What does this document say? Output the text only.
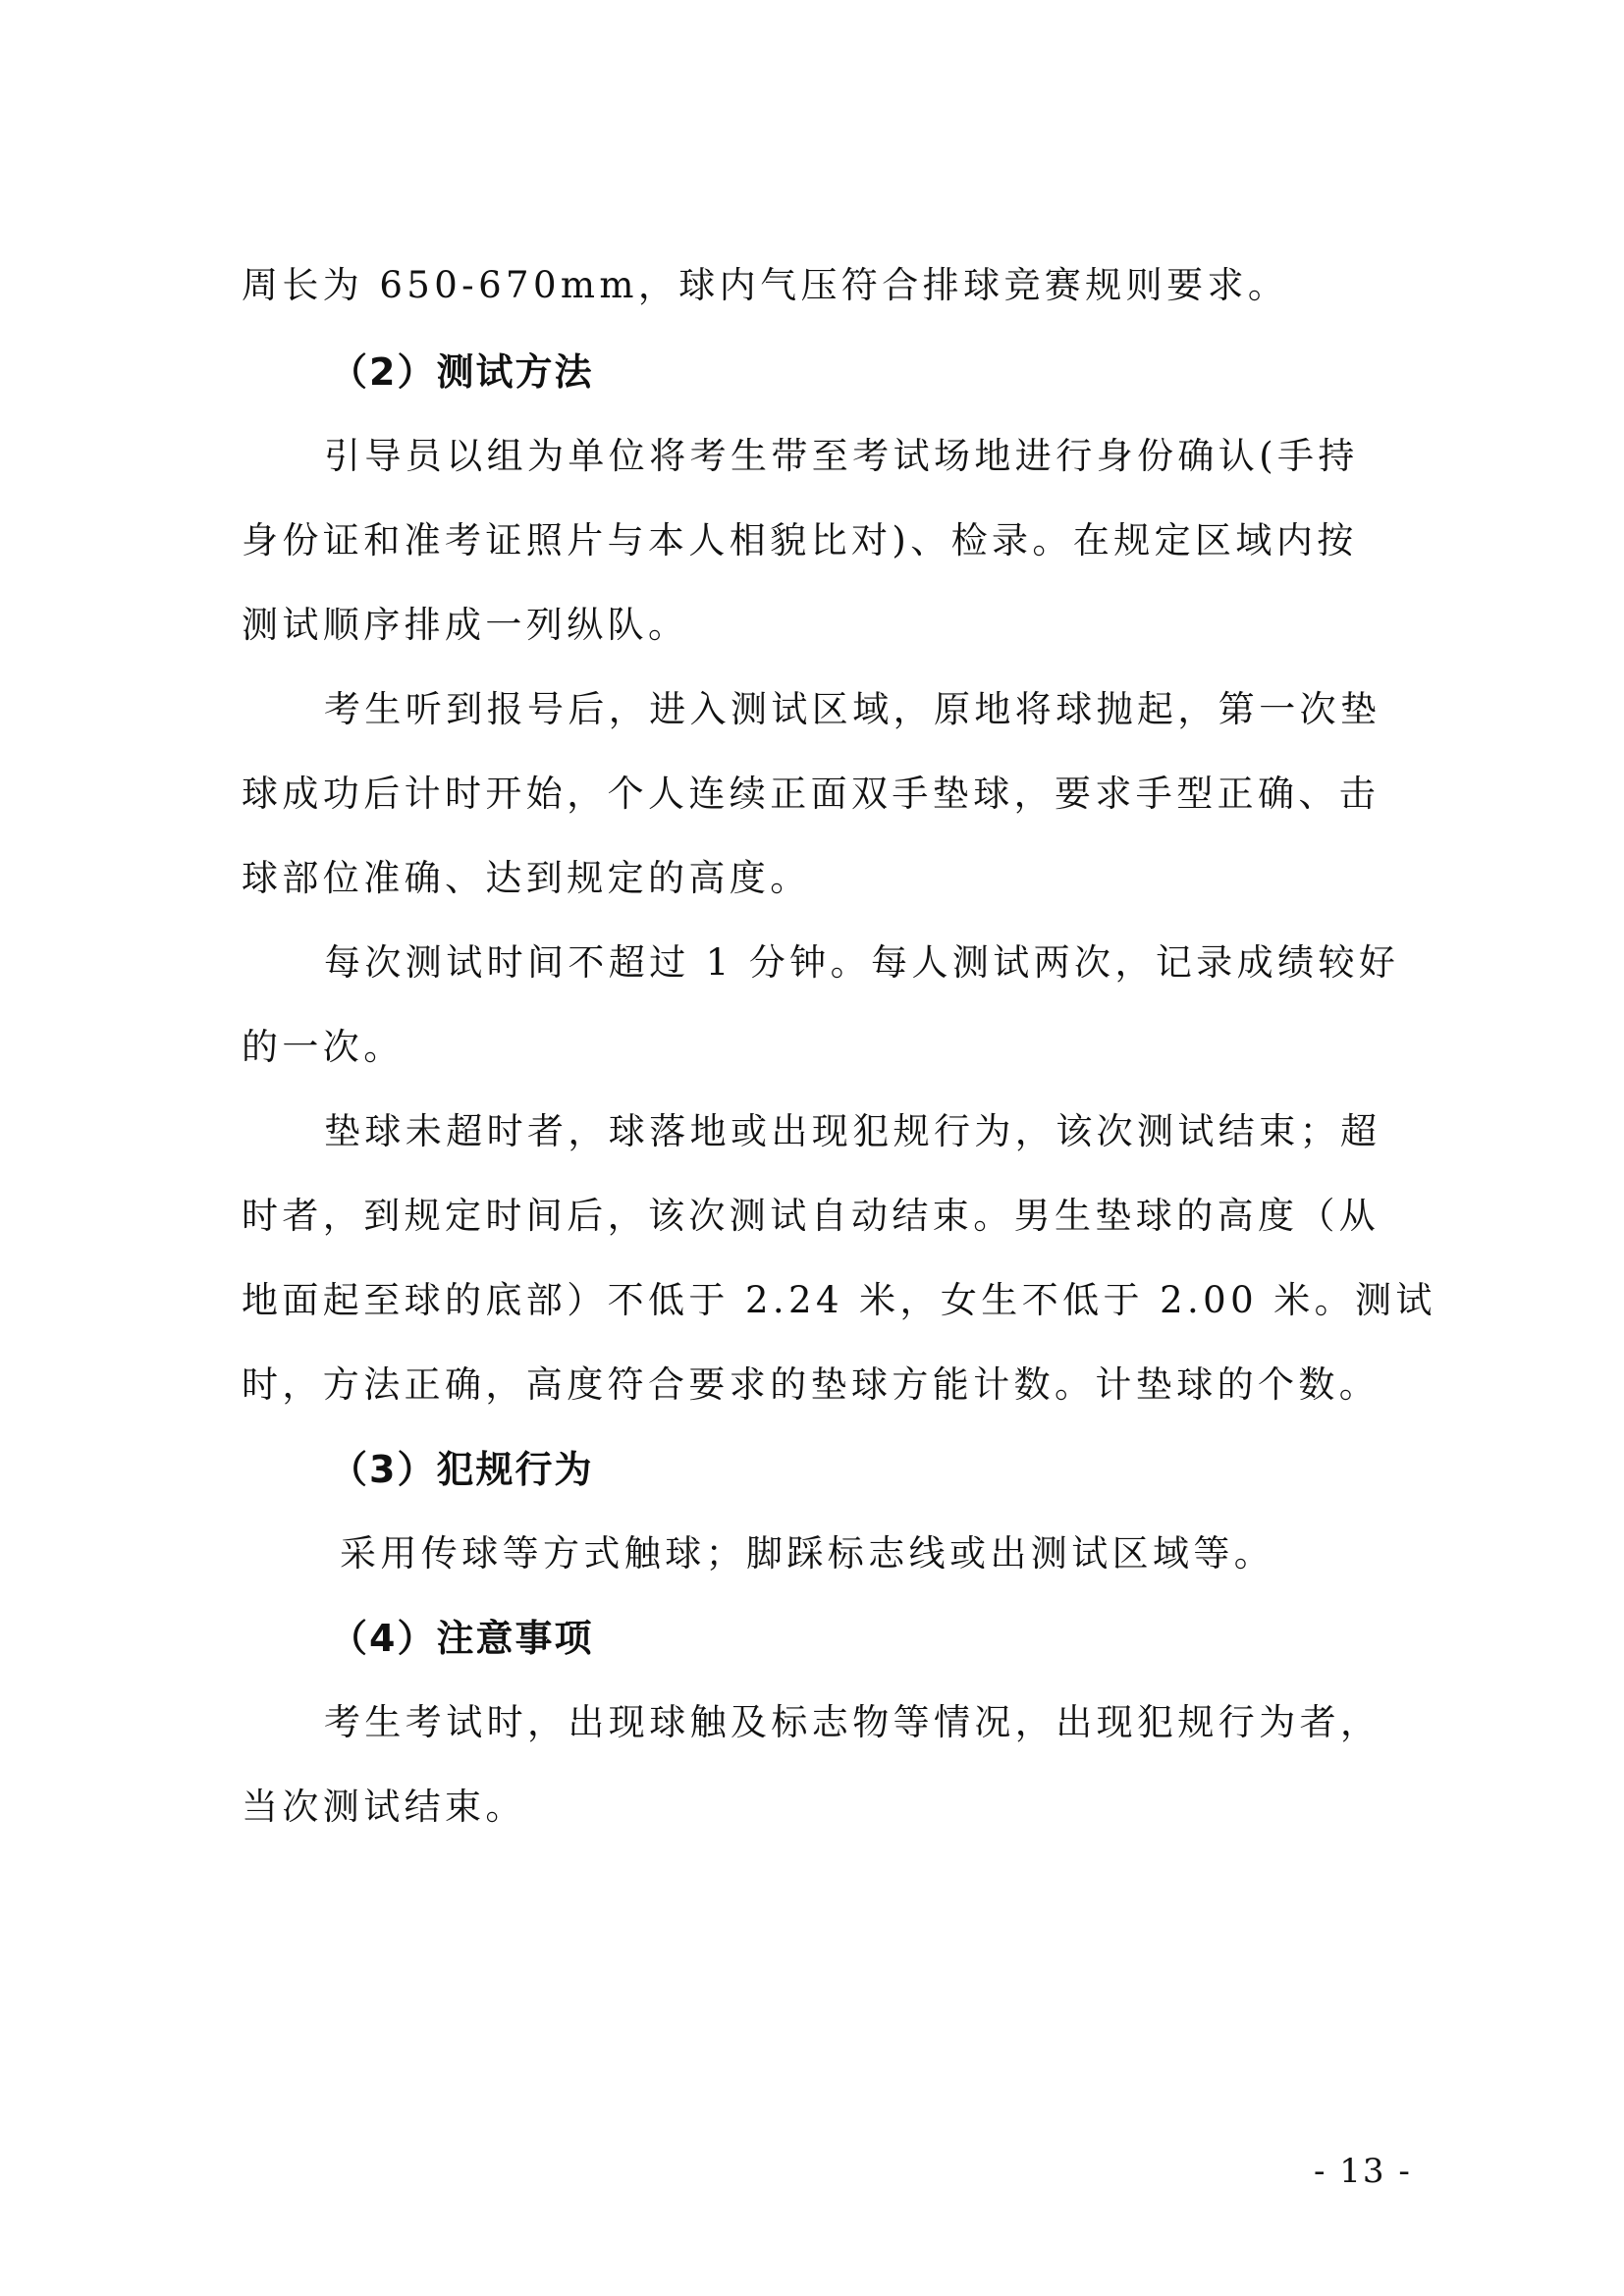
周长为 650-670mm，球内气压符合排球竞赛规则要求。
（2）测试方法
引导员以组为单位将考生带至考试场地进行身份确认(手持
身份证和准考证照片与本人相貌比对)、检录。在规定区域内按
测试顺序排成一列纵队。
考生听到报号后，进入测试区域，原地将球抛起，第一次垫
球成功后计时开始，个人连续正面双手垫球，要求手型正确、击
球部位准确、达到规定的高度。
每次测试时间不超过 1 分钟。每人测试两次，记录成绩较好
的一次。
垫球未超时者，球落地或出现犯规行为，该次测试结束；超
时者，到规定时间后，该次测试自动结束。男生垫球的高度（从
地面起至球的底部）不低于 2.24 米，女生不低于 2.00 米。测试
时，方法正确，高度符合要求的垫球方能计数。计垫球的个数。
（3）犯规行为
采用传球等方式触球；脚踩标志线或出测试区域等。
（4）注意事项
考生考试时，出现球触及标志物等情况，出现犯规行为者，
当次测试结束。
- 13 -
